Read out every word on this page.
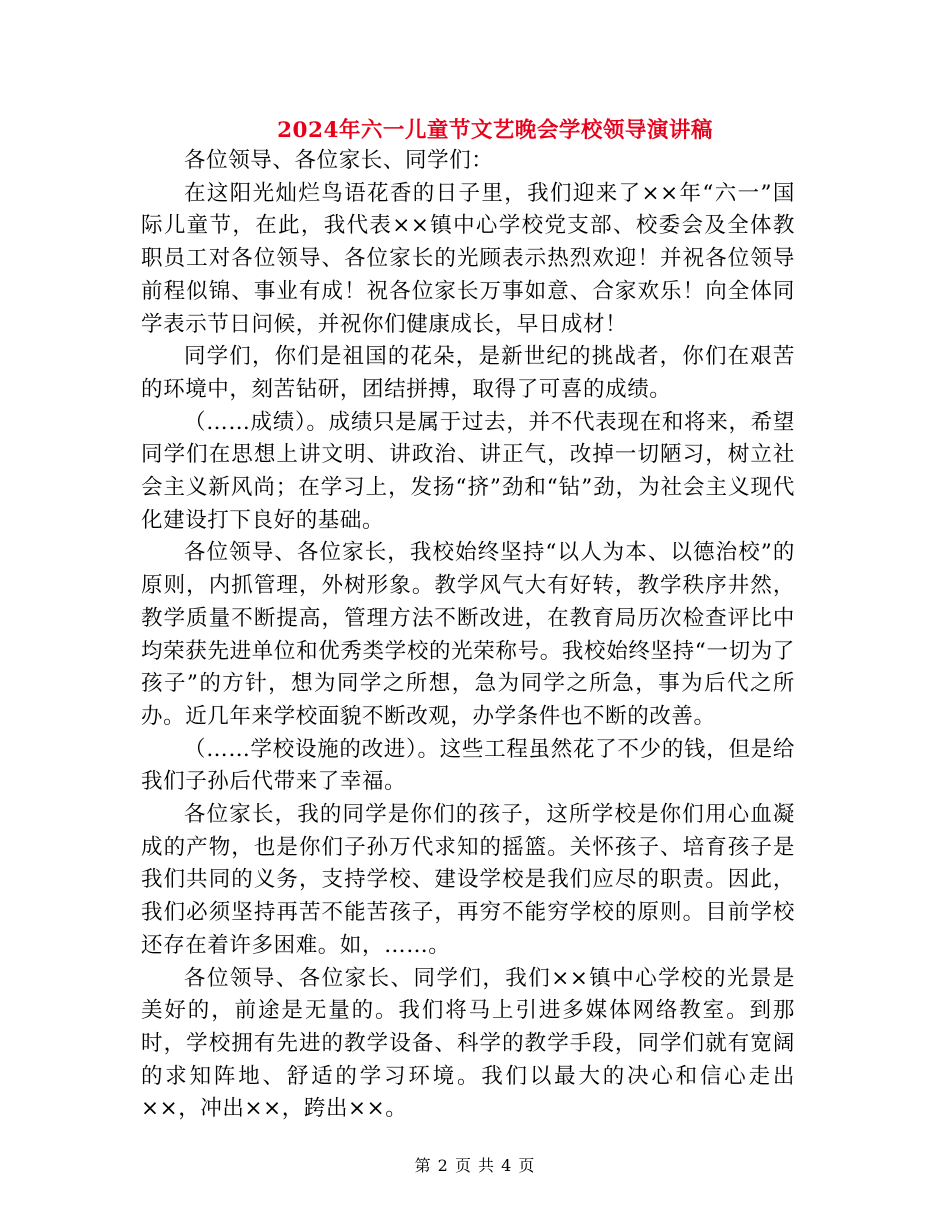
2024年六一儿童节文艺晚会学校领导演讲稿

各位领导、各位家长、同学们：

在这阳光灿烂鸟语花香的日子里，我们迎来了××年“六一”国际儿童节，在此，我代表××镇中心学校党支部、校委会及全体教职员工对各位领导、各位家长的光顾表示热烈欢迎！并祝各位领导前程似锦、事业有成！祝各位家长万事如意、合家欢乐！向全体同学表示节日问候，并祝你们健康成长，早日成材！

同学们，你们是祖国的花朵，是新世纪的挑战者，你们在艰苦的环境中，刻苦钻研，团结拼搏，取得了可喜的成绩。

（……成绩）。成绩只是属于过去，并不代表现在和将来，希望同学们在思想上讲文明、讲政治、讲正气，改掉一切陋习，树立社会主义新风尚；在学习上，发扬“挤”劲和“钻”劲，为社会主义现代化建设打下良好的基础。

各位领导、各位家长，我校始终坚持“以人为本、以德治校”的原则，内抓管理，外树形象。教学风气大有好转，教学秩序井然，教学质量不断提高，管理方法不断改进，在教育局历次检查评比中均荣获先进单位和优秀类学校的光荣称号。我校始终坚持“一切为了孩子”的方针，想为同学之所想，急为同学之所急，事为后代之所办。近几年来学校面貌不断改观，办学条件也不断的改善。

（……学校设施的改进）。这些工程虽然花了不少的钱，但是给我们子孙后代带来了幸福。

各位家长，我的同学是你们的孩子，这所学校是你们用心血凝成的产物，也是你们子孙万代求知的摇篮。关怀孩子、培育孩子是我们共同的义务，支持学校、建设学校是我们应尽的职责。因此，我们必须坚持再苦不能苦孩子，再穷不能穷学校的原则。目前学校还存在着许多困难。如，……。

各位领导、各位家长、同学们，我们××镇中心学校的光景是美好的，前途是无量的。我们将马上引进多媒体网络教室。到那时，学校拥有先进的教学设备、科学的教学手段，同学们就有宽阔的求知阵地、舒适的学习环境。我们以最大的决心和信心走出××，冲出××，跨出××。

第 2 页 共 4 页
